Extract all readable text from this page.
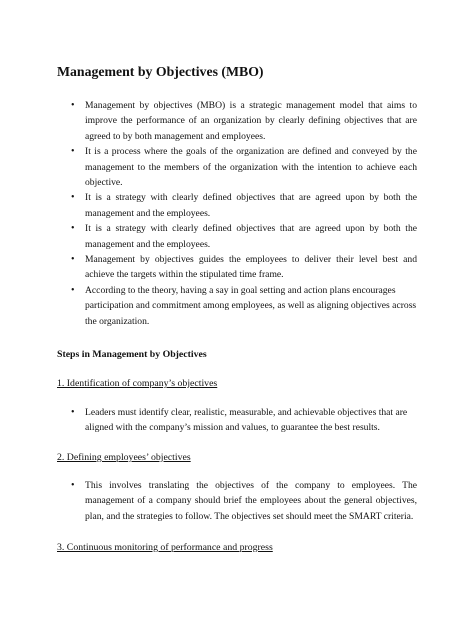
Management by Objectives (MBO)
• Management by objectives (MBO) is a strategic management model that aims to improve the performance of an organization by clearly defining objectives that are agreed to by both management and employees.
• It is a process where the goals of the organization are defined and conveyed by the management to the members of the organization with the intention to achieve each objective.
• It is a strategy with clearly defined objectives that are agreed upon by both the management and the employees.
• It is a strategy with clearly defined objectives that are agreed upon by both the management and the employees.
• Management by objectives guides the employees to deliver their level best and achieve the targets within the stipulated time frame.
• According to the theory, having a say in goal setting and action plans encourages participation and commitment among employees, as well as aligning objectives across the organization.

Steps in Management by Objectives

1. Identification of company’s objectives

• Leaders must identify clear, realistic, measurable, and achievable objectives that are aligned with the company’s mission and values, to guarantee the best results.

2. Defining employees’ objectives

• This involves translating the objectives of the company to employees. The management of a company should brief the employees about the general objectives, plan, and the strategies to follow. The objectives set should meet the SMART criteria.

3. Continuous monitoring of performance and progress
